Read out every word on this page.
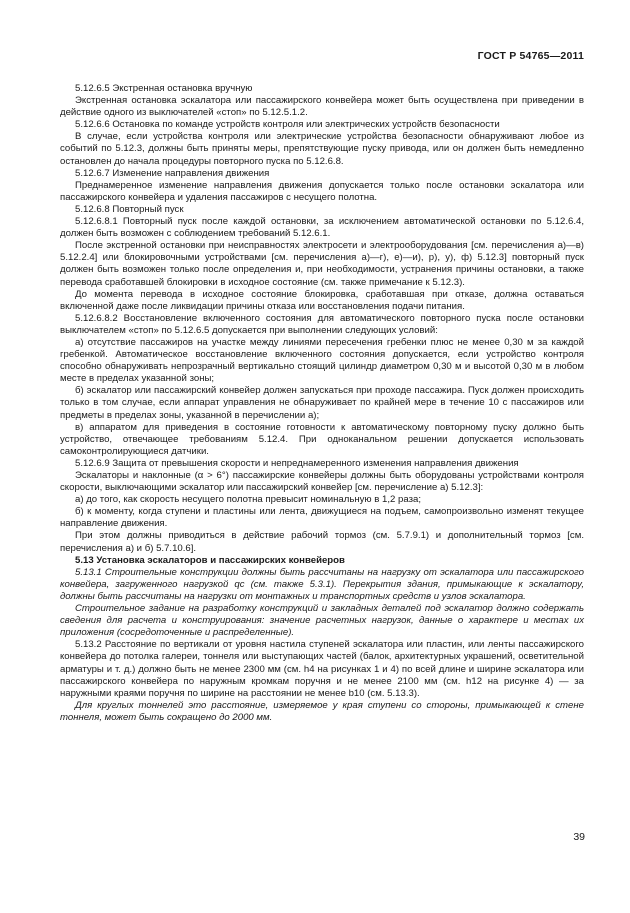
ГОСТ Р 54765—2011

5.12.6.5 Экстренная остановка вручную

Экстренная остановка эскалатора или пассажирского конвейера может быть осуществлена при приведении в действие одного из выключателей «стоп» по 5.12.5.1.2.

5.12.6.6 Остановка по команде устройств контроля или электрических устройств безопасности

В случае, если устройства контроля или электрические устройства безопасности обнаруживают любое из событий по 5.12.3, должны быть приняты меры, препятствующие пуску привода, или он должен быть немедленно остановлен до начала процедуры повторного пуска по 5.12.6.8.

5.12.6.7 Изменение направления движения

Преднамеренное изменение направления движения допускается только после остановки эскалатора или пассажирского конвейера и удаления пассажиров с несущего полотна.

5.12.6.8 Повторный пуск

5.12.6.8.1 Повторный пуск после каждой остановки, за исключением автоматической остановки по 5.12.6.4, должен быть возможен с соблюдением требований 5.12.6.1.

После экстренной остановки при неисправностях электросети и электрооборудования [см. перечисления а)—в) 5.12.2.4] или блокировочными устройствами [см. перечисления а)—г), е)—и), р), у), ф) 5.12.3] повторный пуск должен быть возможен только после определения и, при необходимости, устранения причины остановки, а также перевода сработавшей блокировки в исходное состояние (см. также примечание к 5.12.3).

До момента перевода в исходное состояние блокировка, сработавшая при отказе, должна оставаться включенной даже после ликвидации причины отказа или восстановления подачи питания.

5.12.6.8.2 Восстановление включенного состояния для автоматического повторного пуска после остановки выключателем «стоп» по 5.12.6.5 допускается при выполнении следующих условий:

а) отсутствие пассажиров на участке между линиями пересечения гребенки плюс не менее 0,30 м за каждой гребенкой. Автоматическое восстановление включенного состояния допускается, если устройство контроля способно обнаруживать непрозрачный вертикально стоящий цилиндр диаметром 0,30 м и высотой 0,30 м в любом месте в пределах указанной зоны;

б) эскалатор или пассажирский конвейер должен запускаться при проходе пассажира. Пуск должен происходить только в том случае, если аппарат управления не обнаруживает по крайней мере в течение 10 с пассажиров или предметы в пределах зоны, указанной в перечислении а);

в) аппаратом для приведения в состояние готовности к автоматическому повторному пуску должно быть устройство, отвечающее требованиям 5.12.4. При одноканальном решении допускается использовать самоконтролирующиеся датчики.

5.12.6.9 Защита от превышения скорости и непреднамеренного изменения направления движения

Эскалаторы и наклонные (α > 6°) пассажирские конвейеры должны быть оборудованы устройствами контроля скорости, выключающими эскалатор или пассажирский конвейер [см. перечисление а) 5.12.3]:

а) до того, как скорость несущего полотна превысит номинальную в 1,2 раза;

б) к моменту, когда ступени и пластины или лента, движущиеся на подъем, самопроизвольно изменят текущее направление движения.

При этом должны приводиться в действие рабочий тормоз (см. 5.7.9.1) и дополнительный тормоз [см. перечисления а) и б) 5.7.10.6].

5.13 Установка эскалаторов и пассажирских конвейеров

5.13.1 Строительные конструкции должны быть рассчитаны на нагрузку от эскалатора или пассажирского конвейера, загруженного нагрузкой qc (см. также 5.3.1). Перекрытия здания, примыкающие к эскалатору, должны быть рассчитаны на нагрузки от монтажных и транспортных средств и узлов эскалатора.

Строительное задание на разработку конструкций и закладных деталей под эскалатор должно содержать сведения для расчета и конструирования: значение расчетных нагрузок, данные о характере и местах их приложения (сосредоточенные и распределенные).

5.13.2 Расстояние по вертикали от уровня настила ступеней эскалатора или пластин, или ленты пассажирского конвейера до потолка галереи, тоннеля или выступающих частей (балок, архитектурных украшений, осветительной арматуры и т. д.) должно быть не менее 2300 мм (см. h4 на рисунках 1 и 4) по всей длине и ширине эскалатора или пассажирского конвейера по наружным кромкам поручня и не менее 2100 мм (см. h12 на рисунке 4) — за наружными краями поручня по ширине на расстоянии не менее b10 (см. 5.13.3).

Для круглых тоннелей это расстояние, измеряемое у края ступени со стороны, примыкающей к стене тоннеля, может быть сокращено до 2000 мм.

39
